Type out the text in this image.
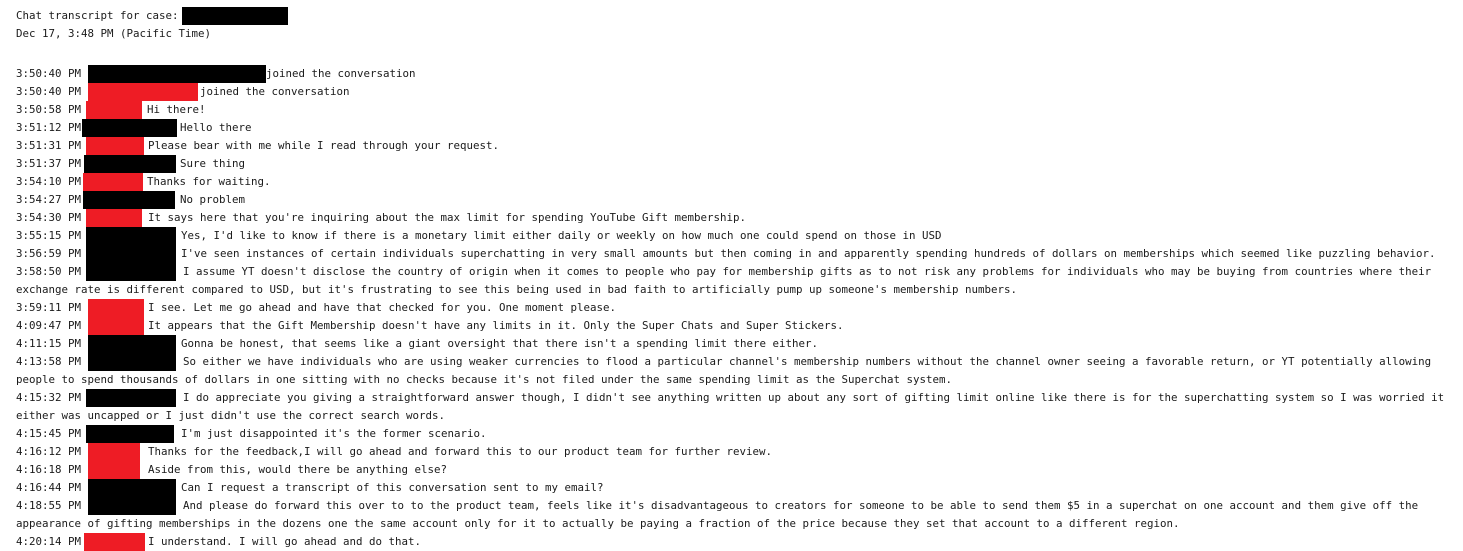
Chat transcript for case:
Dec 17, 3:48 PM (Pacific Time)
3:50:40 PM	joined the conversation
3:50:40 PM	joined the conversation
3:50:58 PM	Hi there!
3:51:12 PM	Hello there
3:51:31 PM	Please bear with me while I read through your request.
3:51:37 PM	Sure thing
3:54:10 PM	Thanks for waiting.
3:54:27 PM	No problem
3:54:30 PM	It says here that you're inquiring about the max limit for spending YouTube Gift membership.
3:55:15 PM	Yes, I'd like to know if there is a monetary limit either daily or weekly on how much one could spend on those in USD
3:56:59 PM	I've seen instances of certain individuals superchatting in very small amounts but then coming in and apparently spending hundreds of dollars on memberships which seemed like puzzling behavior.
3:58:50 PM	I assume YT doesn't disclose the country of origin when it comes to people who pay for membership gifts as to not risk any problems for individuals who may be buying from countries where their exchange rate is different compared to USD, but it's frustrating to see this being used in bad faith to artificially pump up someone's membership numbers.
3:59:11 PM	I see. Let me go ahead and have that checked for you. One moment please.
4:09:47 PM	It appears that the Gift Membership doesn't have any limits in it. Only the Super Chats and Super Stickers.
4:11:15 PM	Gonna be honest, that seems like a giant oversight that there isn't a spending limit there either.
4:13:58 PM	So either we have individuals who are using weaker currencies to flood a particular channel's membership numbers without the channel owner seeing a favorable return, or YT potentially allowing people to spend thousands of dollars in one sitting with no checks because it's not filed under the same spending limit as the Superchat system.
4:15:32 PM	I do appreciate you giving a straightforward answer though, I didn't see anything written up about any sort of gifting limit online like there is for the superchatting system so I was worried it either was uncapped or I just didn't use the correct search words.
4:15:45 PM	I'm just disappointed it's the former scenario.
4:16:12 PM	Thanks for the feedback,I will go ahead and forward this to our product team for further review.
4:16:18 PM	Aside from this, would there be anything else?
4:16:44 PM	Can I request a transcript of this conversation sent to my email?
4:18:55 PM	And please do forward this over to to the product team, feels like it's disadvantageous to creators for someone to be able to send them $5 in a superchat on one account and them give off the appearance of gifting memberships in the dozens one the same account only for it to actually be paying a fraction of the price because they set that account to a different region.
4:20:14 PM	I understand. I will go ahead and do that.
